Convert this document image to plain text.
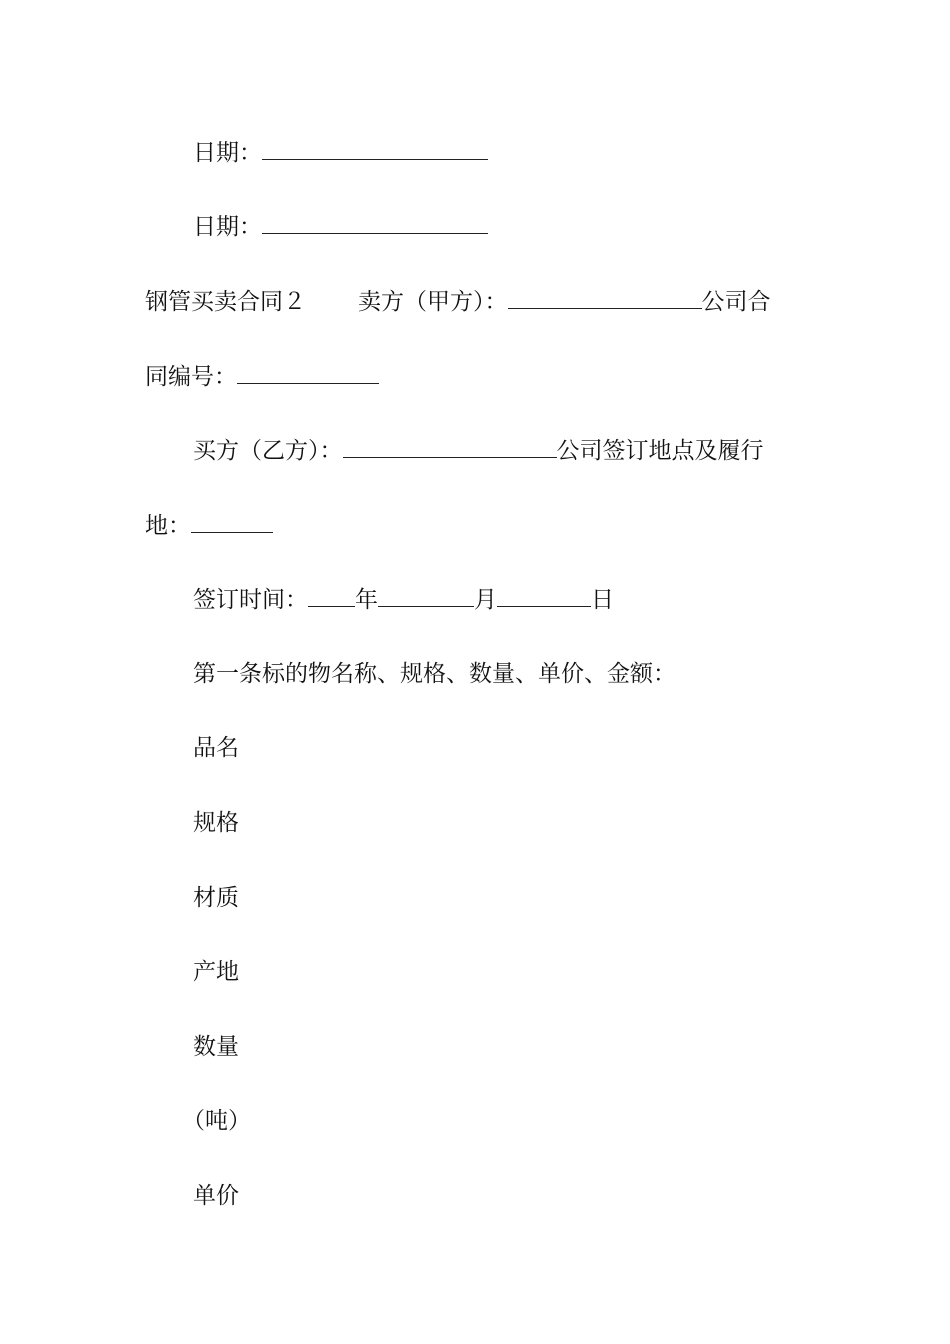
日期：
日期：
钢管买卖合同２ 卖方（甲方）：	公司合
同编号：
买方（乙方）：	公司签订地点及履行
地：
签订时间： 年	月	日
第一条标的物名称、规格、数量、单价、金额：
品名
规格
材质
产地
数量
（吨）
单价
